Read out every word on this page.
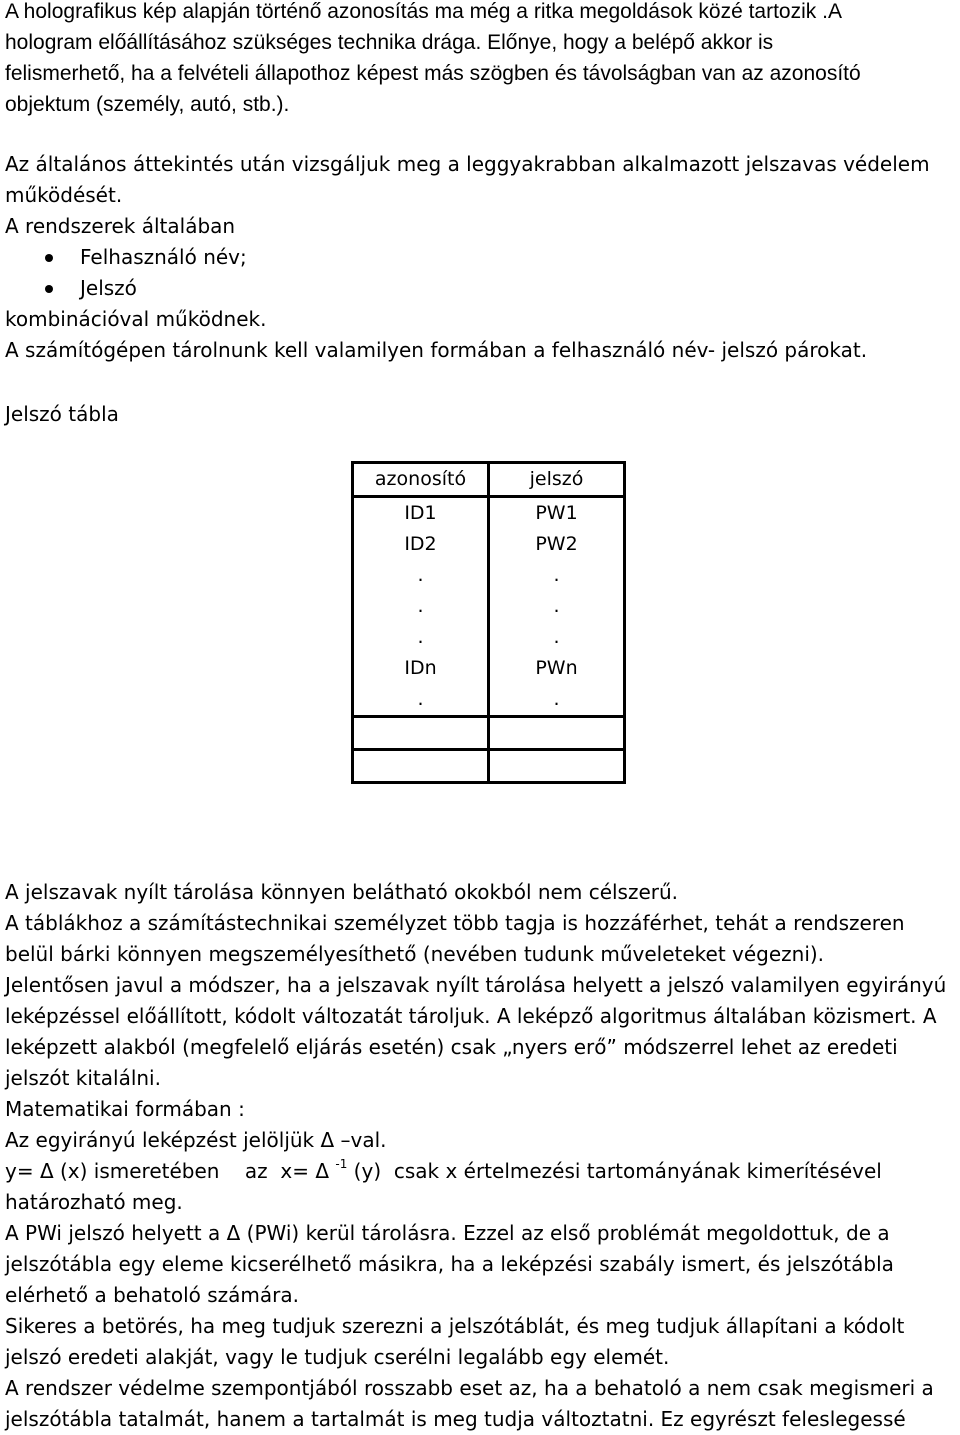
A holografikus kép alapján történő azonosítás ma még a ritka megoldások közé tartozik .A

hologram előállításához szükséges technika drága. Előnye, hogy a belépő akkor is

felismerhető, ha a felvételi állapothoz képest más szögben és távolságban van az azonosító

objektum (személy, autó, stb.).

Az általános áttekintés után vizsgáljuk meg a leggyakrabban alkalmazott jelszavas védelem működését.

A rendszerek általában

Felhasználó név;
Jelszó

kombinációval működnek.

A számítógépen tárolnunk kell valamilyen formában a felhasználó név- jelszó párokat.

Jelszó tábla

azonosító	jelszó
ID1	PW1
ID2	PW2
.	.
.	.
.	.
IDn	PWn
.	.

A jelszavak nyílt tárolása könnyen belátható okokból nem célszerű.

A táblákhoz a számítástechnikai személyzet több tagja is hozzáférhet, tehát a rendszeren belül bárki könnyen megszemélyesíthető (nevében tudunk műveleteket végezni).

Jelentősen javul a módszer, ha a jelszavak nyílt tárolása helyett a jelszó valamilyen egyirányú leképzéssel előállított, kódolt változatát tároljuk. A leképző algoritmus általában közismert. A leképzett alakból (megfelelő eljárás esetén) csak „nyers erő” módszerrel lehet az eredeti jelszót kitalálni.

Matematikai formában :

Az egyirányú leképzést jelöljük Δ –val.

y= Δ (x) ismeretében    az  x= Δ $^{-1}$ (y)  csak x értelmezési tartományának kimerítésével határozható meg.

A PWi jelszó helyett a Δ (PWi) kerül tárolásra. Ezzel az első problémát megoldottuk, de a jelszótábla egy eleme kicserélhető másikra, ha a leképzési szabály ismert, és jelszótábla elérhető a behatoló számára.

Sikeres a betörés, ha meg tudjuk szerezni a jelszótáblát, és meg tudjuk állapítani a kódolt jelszó eredeti alakját, vagy le tudjuk cserélni legalább egy elemét.

A rendszer védelme szempontjából rosszabb eset az, ha a behatoló a nem csak megismeri a jelszótábla tatalmát, hanem a tartalmát is meg tudja változtatni. Ez egyrészt feleslegessé
